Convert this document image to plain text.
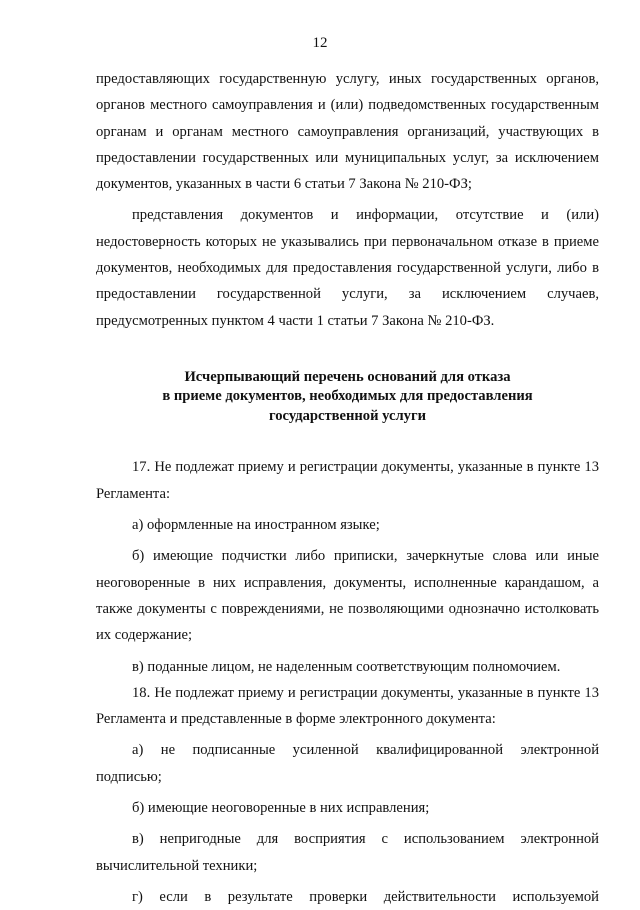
12

предоставляющих государственную услугу, иных государственных органов, органов местного самоуправления и (или) подведомственных государственным органам и органам местного самоуправления организаций, участвующих в предоставлении государственных или муниципальных услуг, за исключением документов, указанных в части 6 статьи 7 Закона № 210-ФЗ;

представления документов и информации, отсутствие и (или) недостоверность которых не указывались при первоначальном отказе в приеме документов, необходимых для предоставления государственной услуги, либо в предоставлении государственной услуги, за исключением случаев, предусмотренных пунктом 4 части 1 статьи 7 Закона № 210-ФЗ.

Исчерпывающий перечень оснований для отказа
в приеме документов, необходимых для предоставления
государственной услуги

17. Не подлежат приему и регистрации документы, указанные в пункте 13 Регламента:

а) оформленные на иностранном языке;

б) имеющие подчистки либо приписки, зачеркнутые слова или иные неоговоренные в них исправления, документы, исполненные карандашом, а также документы с повреждениями, не позволяющими однозначно истолковать их содержание;

в) поданные лицом, не наделенным соответствующим полномочием.

18. Не подлежат приему и регистрации документы, указанные в пункте 13 Регламента и представленные в форме электронного документа:

а) не подписанные усиленной квалифицированной электронной подписью;

б) имеющие неоговоренные в них исправления;

в) непригодные для восприятия с использованием электронной вычислительной техники;

г) если в результате проверки действительности используемой
